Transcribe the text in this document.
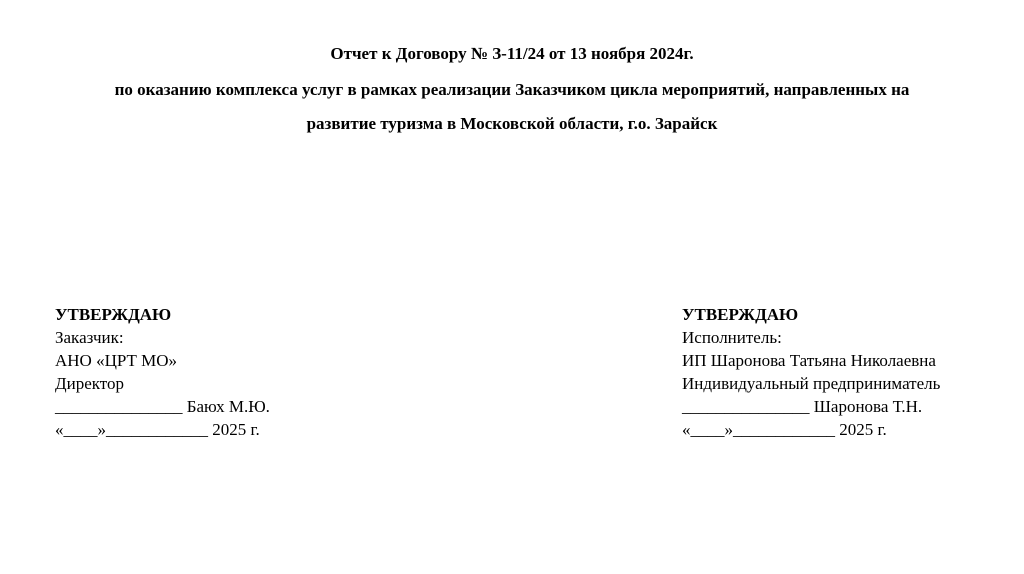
Отчет к Договору № З-11/24 от 13 ноября 2024г.
по оказанию комплекса услуг в рамках реализации Заказчиком цикла мероприятий, направленных на
развитие туризма в Московской области, г.о. Зарайск
УТВЕРЖДАЮ
Заказчик:
АНО «ЦРТ МО»
Директор
_______________ Баюх М.Ю.
«____»____________ 2025 г.
УТВЕРЖДАЮ
Исполнитель:
ИП Шаронова Татьяна Николаевна
Индивидуальный предприниматель
_______________ Шаронова Т.Н.
«____»____________ 2025 г.
